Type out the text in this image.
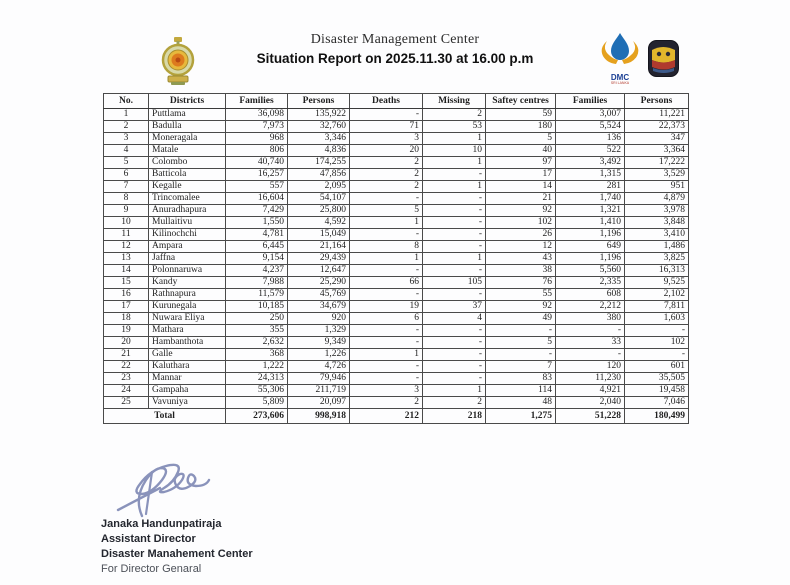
Disaster Management Center
Situation Report on 2025.11.30 at 16.00 p.m
DMC
SRI LANKA
No.	Districts	Families	Persons	Deaths	Missing	Saftey centres	Families	Persons
1	Puttlama	36,098	135,922	-	2	59	3,007	11,221
2	Badulla	7,973	32,760	71	53	180	5,524	22,373
3	Moneragala	968	3,346	3	1	5	136	347
4	Matale	806	4,836	20	10	40	522	3,364
5	Colombo	40,740	174,255	2	1	97	3,492	17,222
6	Batticola	16,257	47,856	2	-	17	1,315	3,529
7	Kegalle	557	2,095	2	1	14	281	951
8	Trincomalee	16,604	54,107	-	-	21	1,740	4,879
9	Anuradhapura	7,429	25,800	5	-	92	1,321	3,978
10	Mullaitivu	1,550	4,592	1	-	102	1,410	3,848
11	Kilinochchi	4,781	15,049	-	-	26	1,196	3,410
12	Ampara	6,445	21,164	8	-	12	649	1,486
13	Jaffna	9,154	29,439	1	1	43	1,196	3,825
14	Polonnaruwa	4,237	12,647	-	-	38	5,560	16,313
15	Kandy	7,988	25,290	66	105	76	2,335	9,525
16	Rathnapura	11,579	45,769	-	-	55	608	2,102
17	Kurunegala	10,185	34,679	19	37	92	2,212	7,811
18	Nuwara Eliya	250	920	6	4	49	380	1,603
19	Mathara	355	1,329	-	-	-	-	-
20	Hambanthota	2,632	9,349	-	-	5	33	102
21	Galle	368	1,226	1	-	-	-	-
22	Kaluthara	1,222	4,726	-	-	7	120	601
23	Mannar	24,313	79,946	-	-	83	11,230	35,505
24	Gampaha	55,306	211,719	3	1	114	4,921	19,458
25	Vavuniya	5,809	20,097	2	2	48	2,040	7,046
Total		273,606	998,918	212	218	1,275	51,228	180,499
Janaka Handunpatiraja
Assistant Director
Disaster Manahement Center
For Director Genaral
